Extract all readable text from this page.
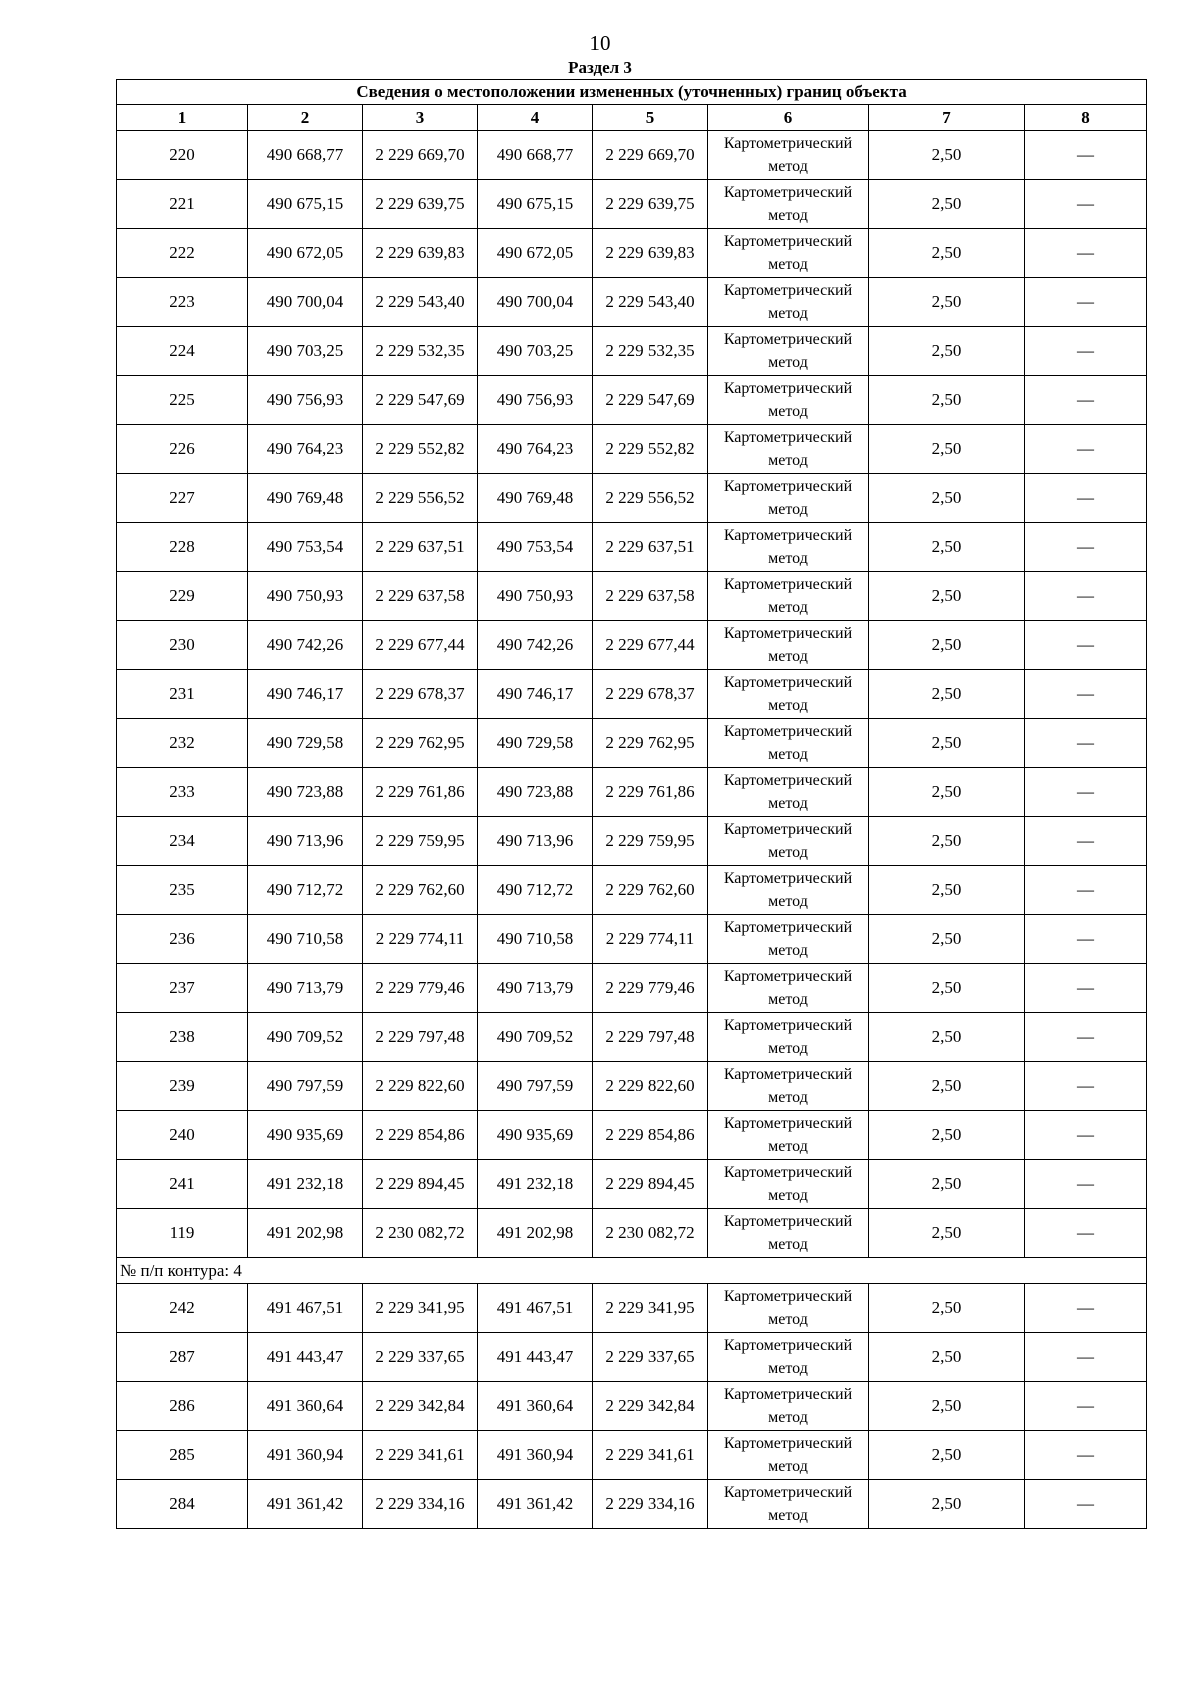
10
Раздел 3
Сведения о местоположении измененных (уточненных) границ объекта							
1	2	3	4	5	6	7	8
220	490 668,77	2 229 669,70	490 668,77	2 229 669,70	Картометрический метод	2,50	—
221	490 675,15	2 229 639,75	490 675,15	2 229 639,75	Картометрический метод	2,50	—
222	490 672,05	2 229 639,83	490 672,05	2 229 639,83	Картометрический метод	2,50	—
223	490 700,04	2 229 543,40	490 700,04	2 229 543,40	Картометрический метод	2,50	—
224	490 703,25	2 229 532,35	490 703,25	2 229 532,35	Картометрический метод	2,50	—
225	490 756,93	2 229 547,69	490 756,93	2 229 547,69	Картометрический метод	2,50	—
226	490 764,23	2 229 552,82	490 764,23	2 229 552,82	Картометрический метод	2,50	—
227	490 769,48	2 229 556,52	490 769,48	2 229 556,52	Картометрический метод	2,50	—
228	490 753,54	2 229 637,51	490 753,54	2 229 637,51	Картометрический метод	2,50	—
229	490 750,93	2 229 637,58	490 750,93	2 229 637,58	Картометрический метод	2,50	—
230	490 742,26	2 229 677,44	490 742,26	2 229 677,44	Картометрический метод	2,50	—
231	490 746,17	2 229 678,37	490 746,17	2 229 678,37	Картометрический метод	2,50	—
232	490 729,58	2 229 762,95	490 729,58	2 229 762,95	Картометрический метод	2,50	—
233	490 723,88	2 229 761,86	490 723,88	2 229 761,86	Картометрический метод	2,50	—
234	490 713,96	2 229 759,95	490 713,96	2 229 759,95	Картометрический метод	2,50	—
235	490 712,72	2 229 762,60	490 712,72	2 229 762,60	Картометрический метод	2,50	—
236	490 710,58	2 229 774,11	490 710,58	2 229 774,11	Картометрический метод	2,50	—
237	490 713,79	2 229 779,46	490 713,79	2 229 779,46	Картометрический метод	2,50	—
238	490 709,52	2 229 797,48	490 709,52	2 229 797,48	Картометрический метод	2,50	—
239	490 797,59	2 229 822,60	490 797,59	2 229 822,60	Картометрический метод	2,50	—
240	490 935,69	2 229 854,86	490 935,69	2 229 854,86	Картометрический метод	2,50	—
241	491 232,18	2 229 894,45	491 232,18	2 229 894,45	Картометрический метод	2,50	—
119	491 202,98	2 230 082,72	491 202,98	2 230 082,72	Картометрический метод	2,50	—
№ п/п контура: 4							
242	491 467,51	2 229 341,95	491 467,51	2 229 341,95	Картометрический метод	2,50	—
287	491 443,47	2 229 337,65	491 443,47	2 229 337,65	Картометрический метод	2,50	—
286	491 360,64	2 229 342,84	491 360,64	2 229 342,84	Картометрический метод	2,50	—
285	491 360,94	2 229 341,61	491 360,94	2 229 341,61	Картометрический метод	2,50	—
284	491 361,42	2 229 334,16	491 361,42	2 229 334,16	Картометрический метод	2,50	—
